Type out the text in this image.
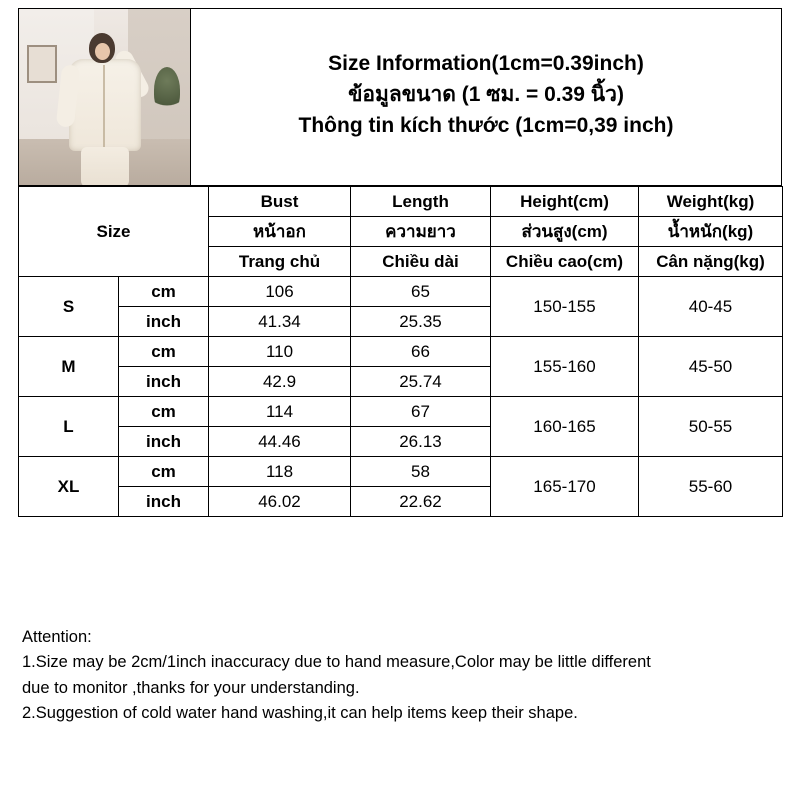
Size Information(1cm=0.39inch)
ข้อมูลขนาด (1 ซม. = 0.39 นิ้ว)
Thông tin kích thước (1cm=0,39 inch)
Size		Bust	Length	Height(cm)	Weight(kg)
		หน้าอก	ความยาว	ส่วนสูง(cm)	น้ำหนัก(kg)
		Trang chủ	Chiều dài	Chiều cao(cm)	Cân nặng(kg)
S	cm	106	65	150-155	40-45
	inch	41.34	25.35		
M	cm	110	66	155-160	45-50
	inch	42.9	25.74		
L	cm	114	67	160-165	50-55
	inch	44.46	26.13		
XL	cm	118	58	165-170	55-60
	inch	46.02	22.62		

Attention:

1.Size may be 2cm/1inch inaccuracy due to hand measure,Color may be little different

due to monitor ,thanks for your understanding.

2.Suggestion of cold water hand washing,it can help items keep their shape.
